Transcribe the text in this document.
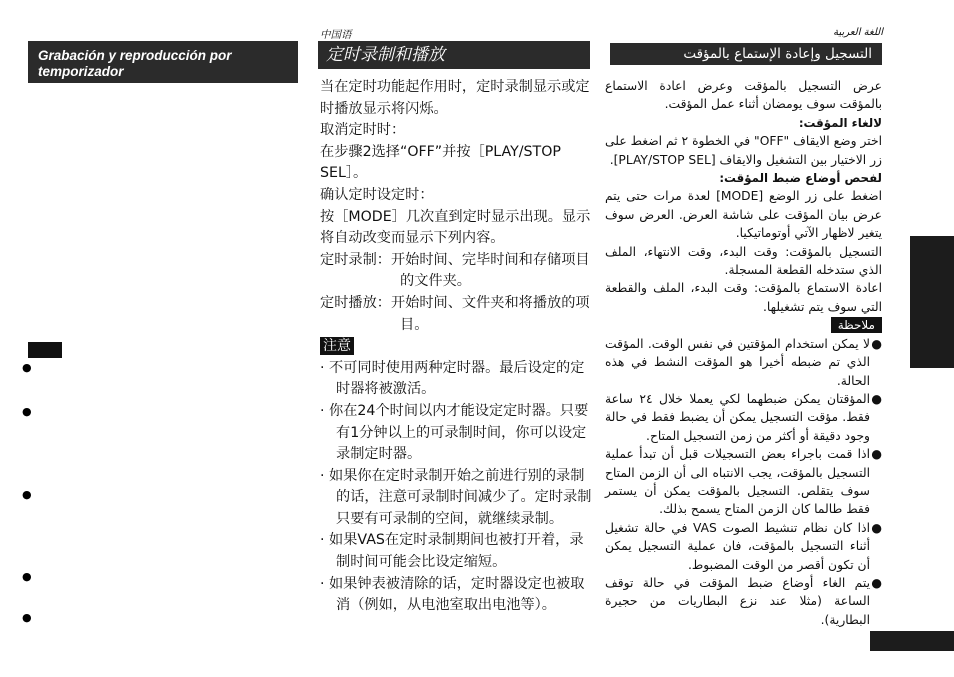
Grabación y reproducción por temporizador
●
●
●
●
●
中国语
定时录制和播放

当在定时功能起作用时，定时录制显示或定时播放显示将闪烁。

取消定时时：

在步骤2选择“OFF”并按［PLAY/STOP　SEL］。

确认定时设定时：

按［MODE］几次直到定时显示出现。显示将自动改变而显示下列内容。

定时录制：开始时间、完毕时间和存储项目的文件夹。

定时播放：开始时间、文件夹和将播放的项目。

注意

· 不可同时使用两种定时器。最后设定的定时器将被激活。

· 你在24个时间以内才能设定定时器。只要有1分钟以上的可录制时间，你可以设定录制定时器。

· 如果你在定时录制开始之前进行别的录制的话，注意可录制时间减少了。定时录制只要有可录制的空间，就继续录制。

· 如果VAS在定时录制期间也被打开着，录制时间可能会比设定缩短。

· 如果钟表被清除的话，定时器设定也被取消（例如，从电池室取出电池等）。

اللغة العربية
التسجيل وإعادة الإستماع بالمؤقت

عرض التسجيل بالمؤقت وعرض اعادة الاستماع بالمؤقت سوف يومضان أثناء عمل المؤقت.

لالغاء المؤقت:

اختر وضع الايقاف "OFF" في الخطوة ٢ ثم اضغط على زر الاختيار بين التشغيل والايقاف [PLAY/STOP SEL].

لفحص أوضاع ضبط المؤقت:

اضغط على زر الوضع [MODE] لعدة مرات حتى يتم عرض بيان المؤقت على شاشة العرض. العرض سوف يتغير لاظهار الآتي أوتوماتيكيا.

التسجيل بالمؤقت: وقت البدء، وقت الانتهاء، الملف الذي ستدخله القطعة المسجلة.

اعادة الاستماع بالمؤقت: وقت البدء، الملف والقطعة التي سوف يتم تشغيلها.

ملاحظة

●
لا يمكن استخدام المؤقتين في نفس الوقت. المؤقت الذي تم ضبطه أخيرا هو المؤقت النشط في هذه الحالة.

●
المؤقتان يمكن ضبطهما لكي يعملا خلال ٢٤ ساعة فقط. مؤقت التسجيل يمكن أن يضبط فقط في حالة وجود دقيقة أو أكثر من زمن التسجيل المتاح.

●
اذا قمت باجراء بعض التسجيلات قبل أن تبدأ عملية التسجيل بالمؤقت، يجب الانتباه الى أن الزمن المتاح سوف يتقلص. التسجيل بالمؤقت يمكن أن يستمر فقط طالما كان الزمن المتاح يسمح بذلك.

●
اذا كان نظام تنشيط الصوت VAS في حالة تشغيل أثناء التسجيل بالمؤقت، فان عملية التسجيل يمكن أن تكون أقصر من الوقت المضبوط.

●
يتم الغاء أوضاع ضبط المؤقت في حالة توقف الساعة (مثلا عند نزع البطاريات من حجيرة البطارية).
